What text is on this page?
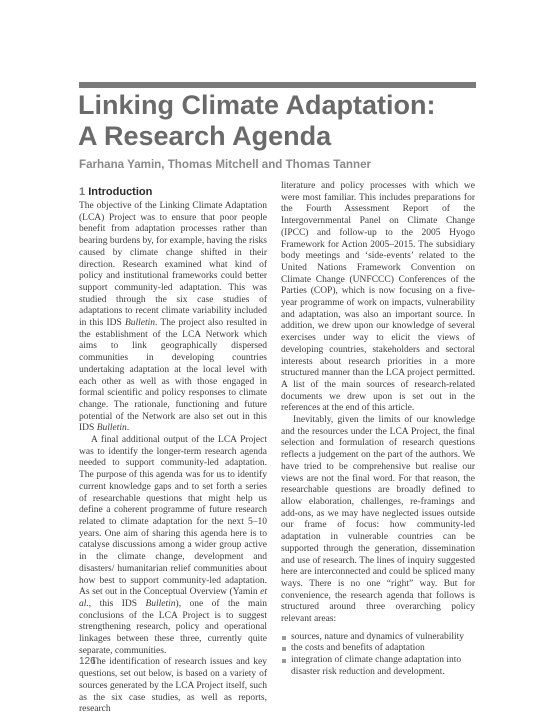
Linking Climate Adaptation:
A Research Agenda
Farhana Yamin, Thomas Mitchell and Thomas Tanner
1 Introduction

The objective of the Linking Climate Adaptation (LCA) Project was to ensure that poor people benefit from adaptation processes rather than bearing burdens by, for example, having the risks caused by climate change shifted in their direction. Research examined what kind of policy and institutional frameworks could better support community-led adaptation. This was studied through the six case studies of adaptations to recent climate variability included in this IDS Bulletin. The project also resulted in the establishment of the LCA Network which aims to link geographically dispersed communities in developing countries undertaking adaptation at the local level with each other as well as with those engaged in formal scientific and policy responses to climate change. The rationale, functioning and future potential of the Network are also set out in this IDS Bulletin.

A final additional output of the LCA Project was to identify the longer-term research agenda needed to support community-led adaptation. The purpose of this agenda was for us to identify current knowledge gaps and to set forth a series of researchable questions that might help us define a coherent programme of future research related to climate adaptation for the next 5–10 years. One aim of sharing this agenda here is to catalyse discussions among a wider group active in the climate change, development and disasters/ humanitarian relief communities about how best to support community-led adaptation. As set out in the Conceptual Overview (Yamin et al., this IDS Bulletin), one of the main conclusions of the LCA Project is to suggest strengthening research, policy and operational linkages between these three, currently quite separate, communities.

The identification of research issues and key questions, set out below, is based on a variety of sources generated by the LCA Project itself, such as the six case studies, as well as reports, research

literature and policy processes with which we were most familiar. This includes preparations for the Fourth Assessment Report of the Intergovernmental Panel on Climate Change (IPCC) and follow-up to the 2005 Hyogo Framework for Action 2005–2015. The subsidiary body meetings and ‘side-events’ related to the United Nations Framework Convention on Climate Change (UNFCCC) Conferences of the Parties (COP), which is now focusing on a five-year programme of work on impacts, vulnerability and adaptation, was also an important source. In addition, we drew upon our knowledge of several exercises under way to elicit the views of developing countries, stakeholders and sectoral interests about research priorities in a more structured manner than the LCA project permitted. A list of the main sources of research-related documents we drew upon is set out in the references at the end of this article.

Inevitably, given the limits of our knowledge and the resources under the LCA Project, the final selection and formulation of research questions reflects a judgement on the part of the authors. We have tried to be comprehensive but realise our views are not the final word. For that reason, the researchable questions are broadly defined to allow elaboration, challenges, re-framings and add-ons, as we may have neglected issues outside our frame of focus: how community-led adaptation in vulnerable countries can be supported through the generation, dissemination and use of research. The lines of inquiry suggested here are interconnected and could be spliced many ways. There is no one “right” way. But for convenience, the research agenda that follows is structured around three overarching policy relevant areas:

sources, nature and dynamics of vulnerability
the costs and benefits of adaptation
integration of climate change adaptation into disaster risk reduction and development.
126
